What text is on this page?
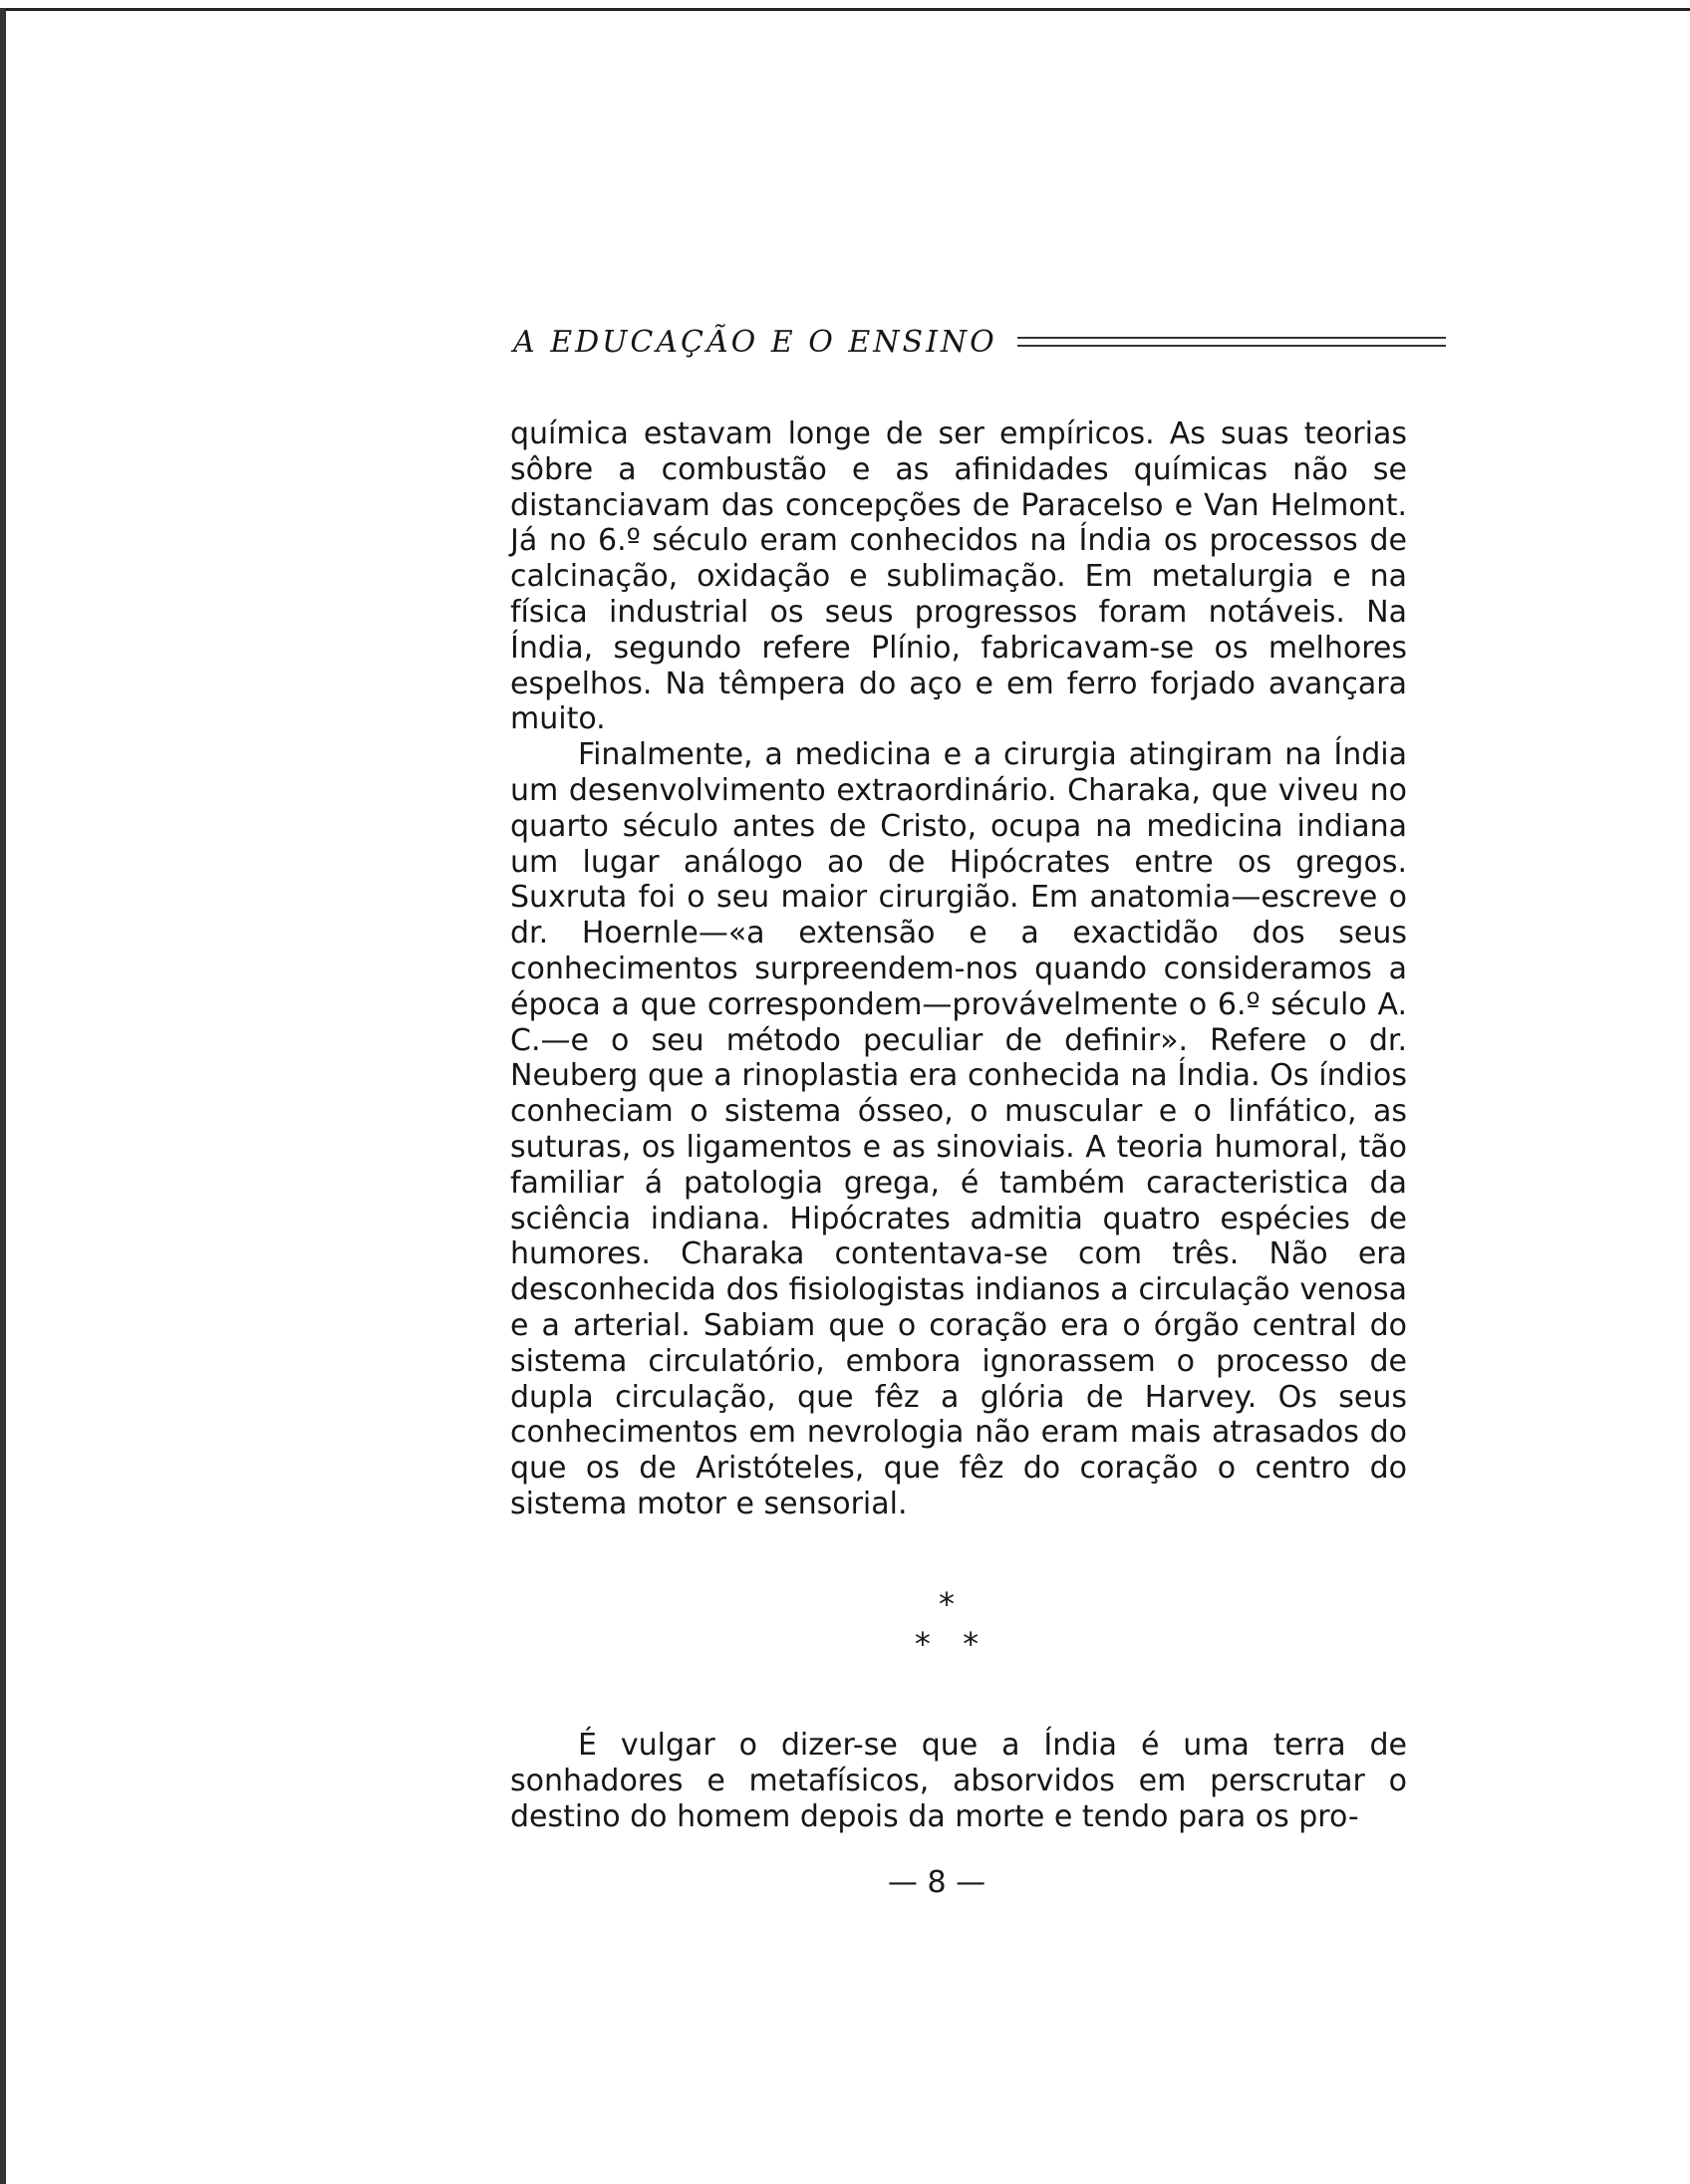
A EDUCAÇÃO E O ENSINO

química estavam longe de ser empíricos. As suas teorias sôbre a combustão e as afinidades químicas não se distanciavam das concepções de Paracelso e Van Helmont. Já no 6.º século eram conhecidos na Índia os processos de calcinação, oxidação e sublimação. Em metalurgia e na física industrial os seus progressos foram notáveis. Na Índia, segundo refere Plínio, fabricavam-se os melhores espelhos. Na têmpera do aço e em ferro forjado avançara muito.

Finalmente, a medicina e a cirurgia atingiram na Índia um desenvolvimento extraordinário. Charaka, que viveu no quarto século antes de Cristo, ocupa na medicina indiana um lugar análogo ao de Hipócrates entre os gregos. Suxruta foi o seu maior cirurgião. Em anatomia—escreve o dr. Hoernle—«a extensão e a exactidão dos seus conhecimentos surpreendem-nos quando consideramos a época a que correspondem—provávelmente o 6.º século A. C.—e o seu método peculiar de definir». Refere o dr. Neuberg que a rinoplastia era conhecida na Índia. Os índios conheciam o sistema ósseo, o muscular e o linfático, as suturas, os ligamentos e as sinoviais. A teoria humoral, tão familiar á patologia grega, é também caracteristica da sciência indiana. Hipócrates admitia quatro espécies de humores. Charaka contentava-se com três. Não era desconhecida dos fisiologistas indianos a circulação venosa e a arterial. Sabiam que o coração era o órgão central do sistema circulatório, embora ignorassem o processo de dupla circulação, que fêz a glória de Harvey. Os seus conhecimentos em nevrologia não eram mais atrasados do que os de Aristóteles, que fêz do coração o centro do sistema motor e sensorial.

*
* *

É vulgar o dizer-se que a Índia é uma terra de sonhadores e metafísicos, absorvidos em perscrutar o destino do homem depois da morte e tendo para os pro-

— 8 —
